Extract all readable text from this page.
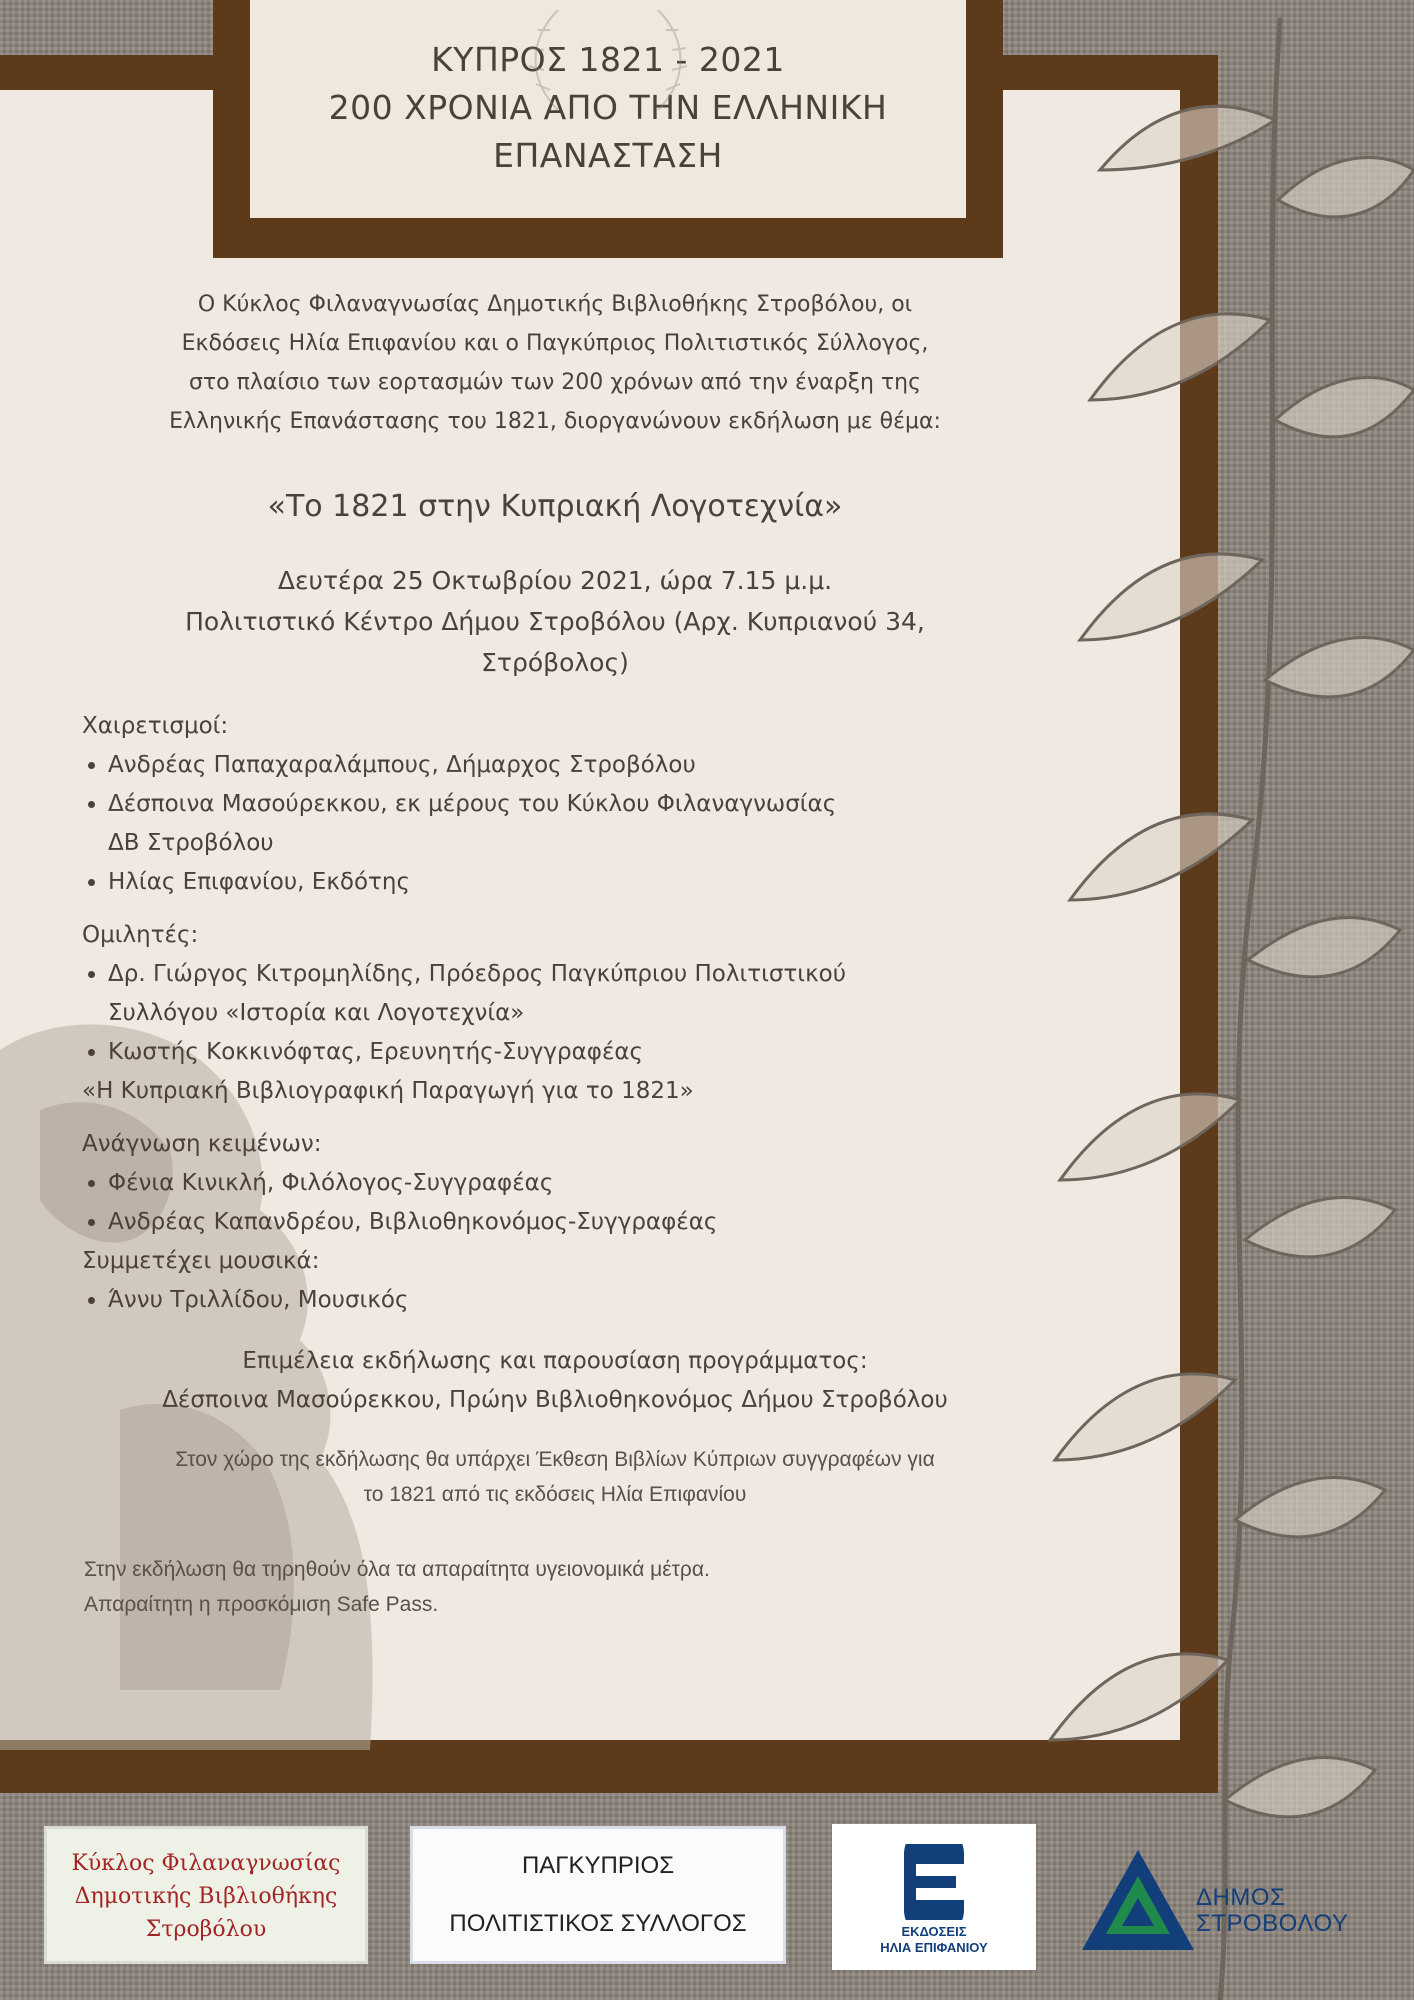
ΚΥΠΡΟΣ 1821 - 2021
200 ΧΡΟΝΙΑ ΑΠΟ ΤΗΝ ΕΛΛΗΝΙΚΗ
ΕΠΑΝΑΣΤΑΣΗ
Ο Κύκλος Φιλαναγνωσίας Δημοτικής Βιβλιοθήκης Στροβόλου, οι
Εκδόσεις Ηλία Επιφανίου και ο Παγκύπριος Πολιτιστικός Σύλλογος,
στο πλαίσιο των εορτασμών των 200 χρόνων από την έναρξη της
Ελληνικής Επανάστασης του 1821, διοργανώνουν εκδήλωση με θέμα:
«Το 1821 στην Κυπριακή Λογοτεχνία»
Δευτέρα 25 Οκτωβρίου 2021, ώρα 7.15 μ.μ.
Πολιτιστικό Κέντρο Δήμου Στροβόλου (Αρχ. Κυπριανού 34,
Στρόβολος)
Χαιρετισμοί:
• Ανδρέας Παπαχαραλάμπους, Δήμαρχος Στροβόλου
• Δέσποινα Μασούρεκκου, εκ μέρους του Κύκλου Φιλαναγνωσίας
ΔΒ Στροβόλου
• Ηλίας Επιφανίου, Εκδότης
Ομιλητές:
• Δρ. Γιώργος Κιτρομηλίδης, Πρόεδρος Παγκύπριου Πολιτιστικού
Συλλόγου «Ιστορία και Λογοτεχνία»
• Κωστής Κοκκινόφτας, Ερευνητής-Συγγραφέας
«Η Κυπριακή Βιβλιογραφική Παραγωγή για το 1821»
Ανάγνωση κειμένων:
• Φένια Κινικλή, Φιλόλογος-Συγγραφέας
• Ανδρέας Καπανδρέου, Βιβλιοθηκονόμος-Συγγραφέας
Συμμετέχει μουσικά:
• Άννυ Τριλλίδου, Μουσικός
Επιμέλεια εκδήλωσης και παρουσίαση προγράμματος:
Δέσποινα Μασούρεκκου, Πρώην Βιβλιοθηκονόμος Δήμου Στροβόλου
Στον χώρο της εκδήλωσης θα υπάρχει Έκθεση Βιβλίων Κύπριων συγγραφέων για
το 1821 από τις εκδόσεις Ηλία Επιφανίου
Στην εκδήλωση θα τηρηθούν όλα τα απαραίτητα υγειονομικά μέτρα.
Απαραίτητη η προσκόμιση Safe Pass.
Κύκλος Φιλαναγνωσίας
Δημοτικής Βιβλιοθήκης
Στροβόλου
ΠΑΓΚΥΠΡΙΟΣ
ΠΟΛΙΤΙΣΤΙΚΟΣ ΣΥΛΛΟΓΟΣ	ΕΚΔΟΣΕΙΣ
ΗΛΙΑ ΕΠΙΦΑΝΙΟΥ
ΔΗΜΟΣ
ΣΤΡΟΒΟΛΟΥ
